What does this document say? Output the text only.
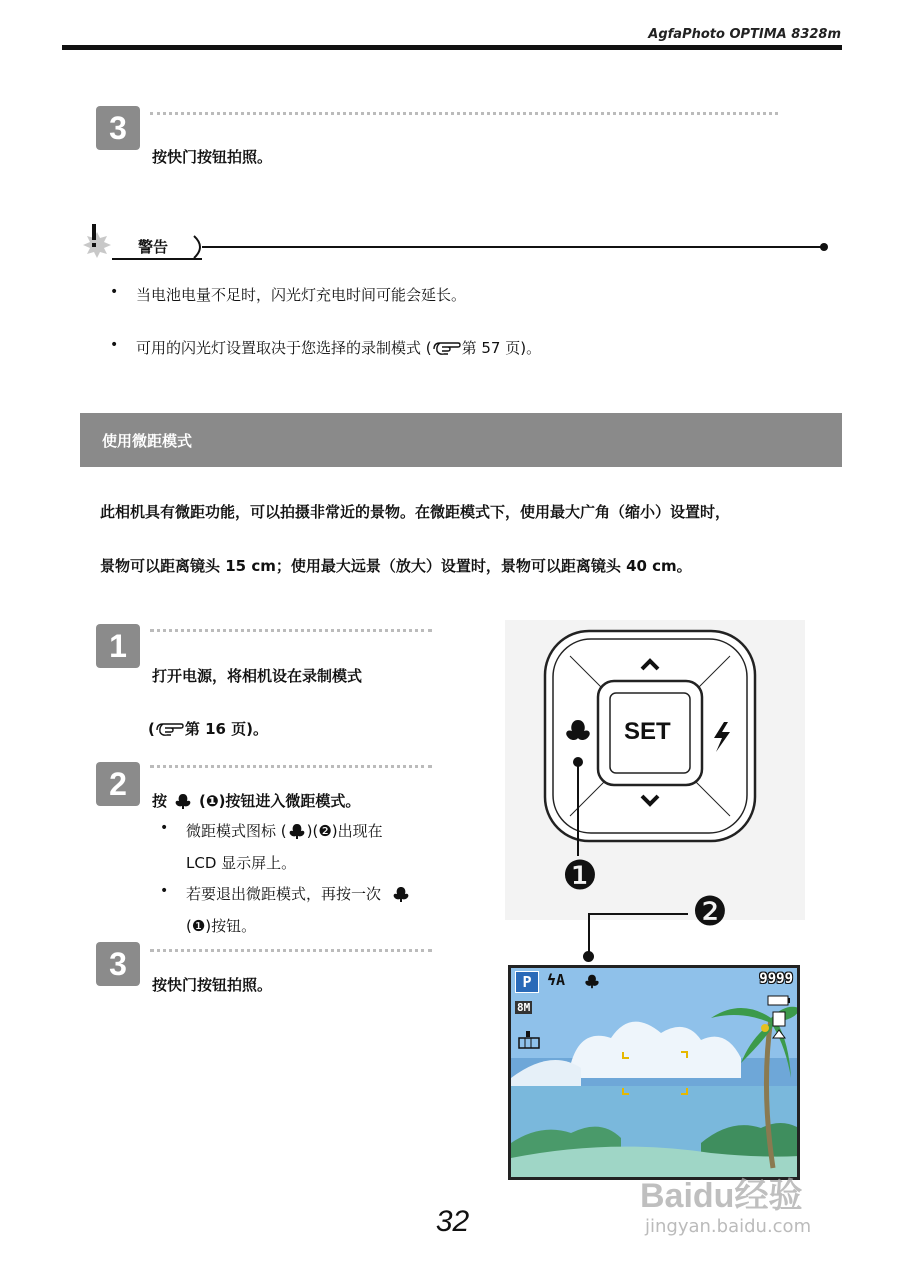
AgfaPhoto OPTIMA 8328m
3
按快门按钮拍照。
警告
• 当电池电量不足时，闪光灯充电时间可能会延长。
• 可用的闪光灯设置取决于您选择的录制模式 ( 第 57 页)。
使用微距模式
此相机具有微距功能，可以拍摄非常近的景物。在微距模式下，使用最大广角（缩小）设置时，
景物可以距离镜头 15 cm；使用最大远景（放大）设置时，景物可以距离镜头 40 cm。
1
打开电源，将相机设在录制模式
( 第 16 页)。
2	按 (❶)按钮进入微距模式。
• 微距模式图标 ( )(❷)出现在
LCD 显示屏上。
• 若要退出微距模式，再按一次
(❶)按钮。
3
按快门按钮拍照。
SET
❶
❷
P	ϟA	9999
8M
32
Baidu经验
jingyan.baidu.com
